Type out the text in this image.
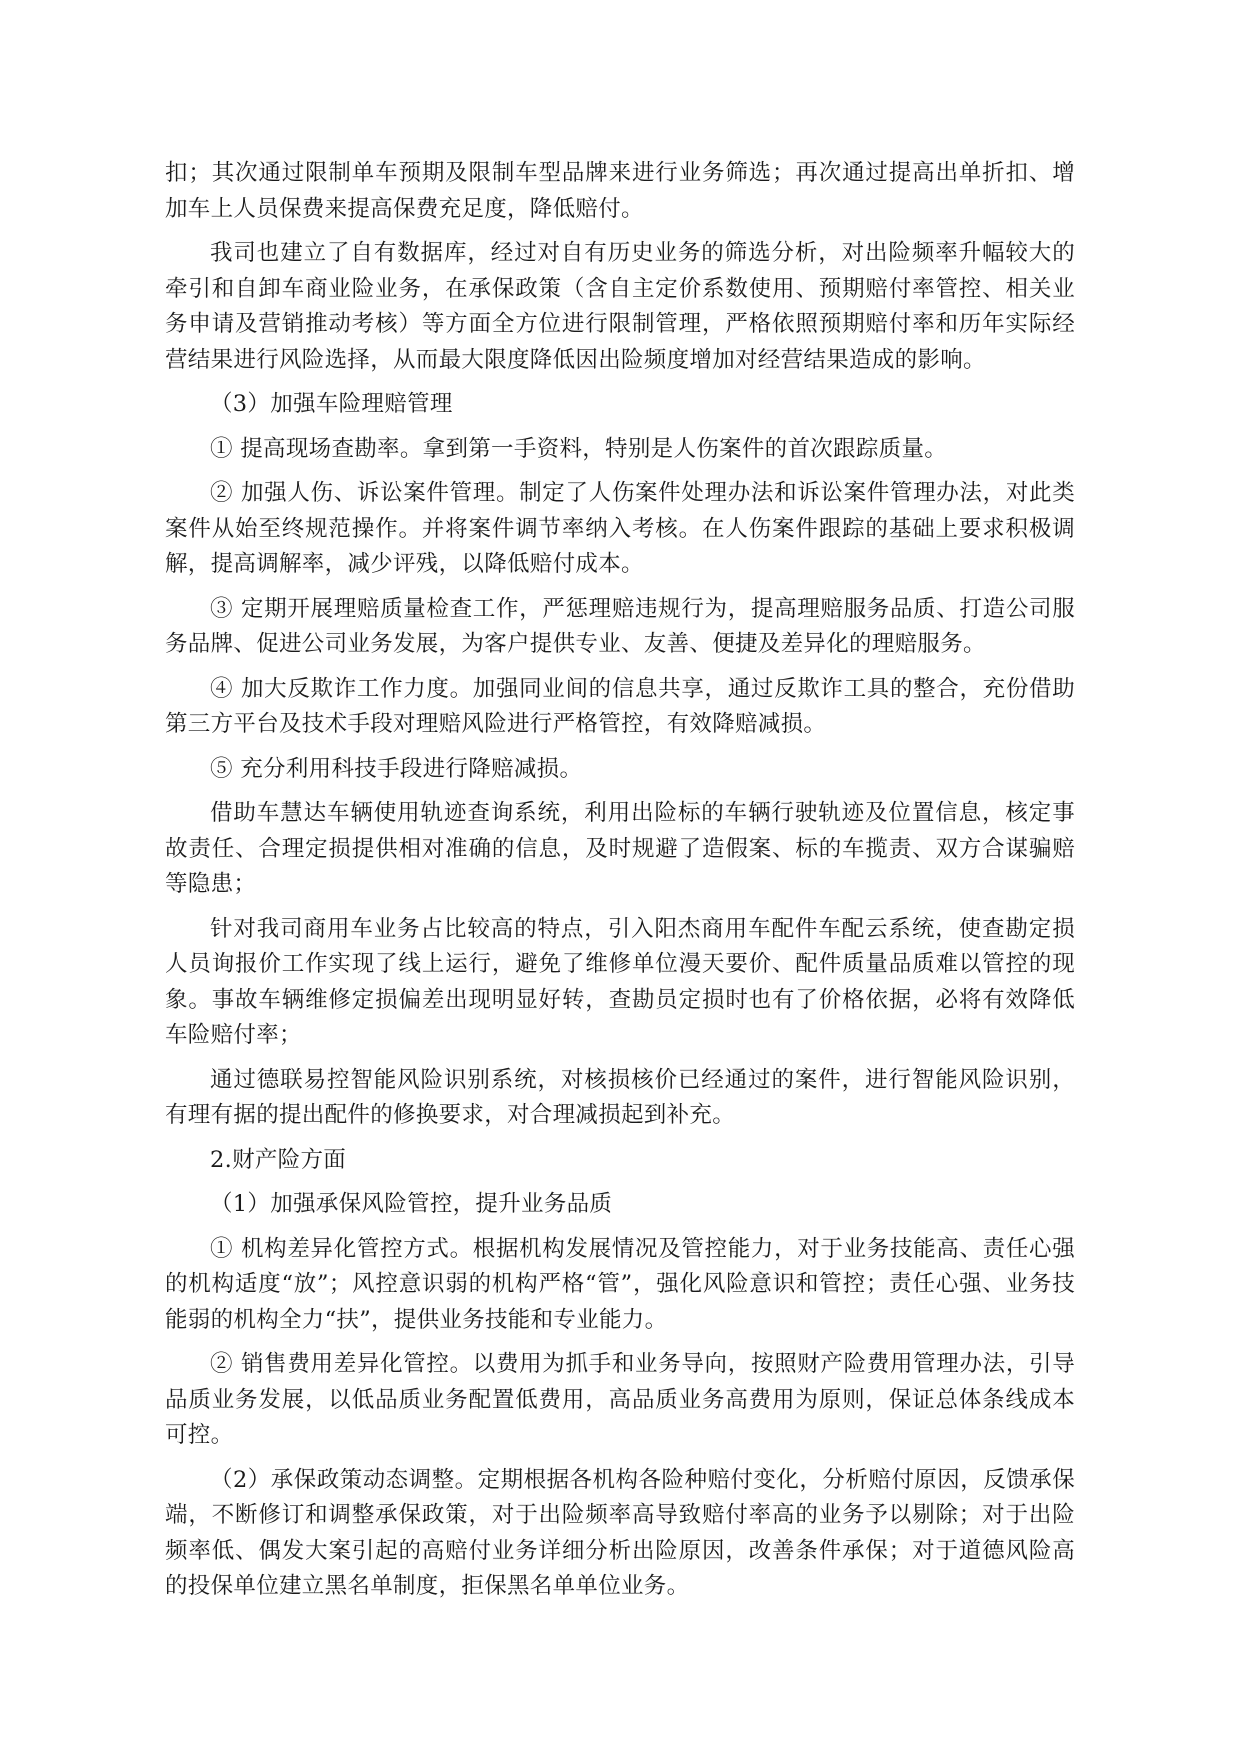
扣；其次通过限制单车预期及限制车型品牌来进行业务筛选；再次通过提高出单折扣、增加车上人员保费来提高保费充足度，降低赔付。

我司也建立了自有数据库，经过对自有历史业务的筛选分析，对出险频率升幅较大的牵引和自卸车商业险业务，在承保政策（含自主定价系数使用、预期赔付率管控、相关业务申请及营销推动考核）等方面全方位进行限制管理，严格依照预期赔付率和历年实际经营结果进行风险选择，从而最大限度降低因出险频度增加对经营结果造成的影响。

（3）加强车险理赔管理

① 提高现场查勘率。拿到第一手资料，特别是人伤案件的首次跟踪质量。

② 加强人伤、诉讼案件管理。制定了人伤案件处理办法和诉讼案件管理办法，对此类案件从始至终规范操作。并将案件调节率纳入考核。在人伤案件跟踪的基础上要求积极调解，提高调解率，减少评残，以降低赔付成本。

③ 定期开展理赔质量检查工作，严惩理赔违规行为，提高理赔服务品质、打造公司服务品牌、促进公司业务发展，为客户提供专业、友善、便捷及差异化的理赔服务。

④ 加大反欺诈工作力度。加强同业间的信息共享，通过反欺诈工具的整合，充份借助第三方平台及技术手段对理赔风险进行严格管控，有效降赔减损。

⑤ 充分利用科技手段进行降赔减损。

借助车慧达车辆使用轨迹查询系统，利用出险标的车辆行驶轨迹及位置信息，核定事故责任、合理定损提供相对准确的信息，及时规避了造假案、标的车揽责、双方合谋骗赔等隐患；

针对我司商用车业务占比较高的特点，引入阳杰商用车配件车配云系统，使查勘定损人员询报价工作实现了线上运行，避免了维修单位漫天要价、配件质量品质难以管控的现象。事故车辆维修定损偏差出现明显好转，查勘员定损时也有了价格依据，必将有效降低车险赔付率；

通过德联易控智能风险识别系统，对核损核价已经通过的案件，进行智能风险识别，有理有据的提出配件的修换要求，对合理减损起到补充。

2.财产险方面

（1）加强承保风险管控，提升业务品质

① 机构差异化管控方式。根据机构发展情况及管控能力，对于业务技能高、责任心强的机构适度“放”；风控意识弱的机构严格“管”，强化风险意识和管控；责任心强、业务技能弱的机构全力“扶”，提供业务技能和专业能力。

② 销售费用差异化管控。以费用为抓手和业务导向，按照财产险费用管理办法，引导品质业务发展，以低品质业务配置低费用，高品质业务高费用为原则，保证总体条线成本可控。

（2）承保政策动态调整。定期根据各机构各险种赔付变化，分析赔付原因，反馈承保端，不断修订和调整承保政策，对于出险频率高导致赔付率高的业务予以剔除；对于出险频率低、偶发大案引起的高赔付业务详细分析出险原因，改善条件承保；对于道德风险高的投保单位建立黑名单制度，拒保黑名单单位业务。
